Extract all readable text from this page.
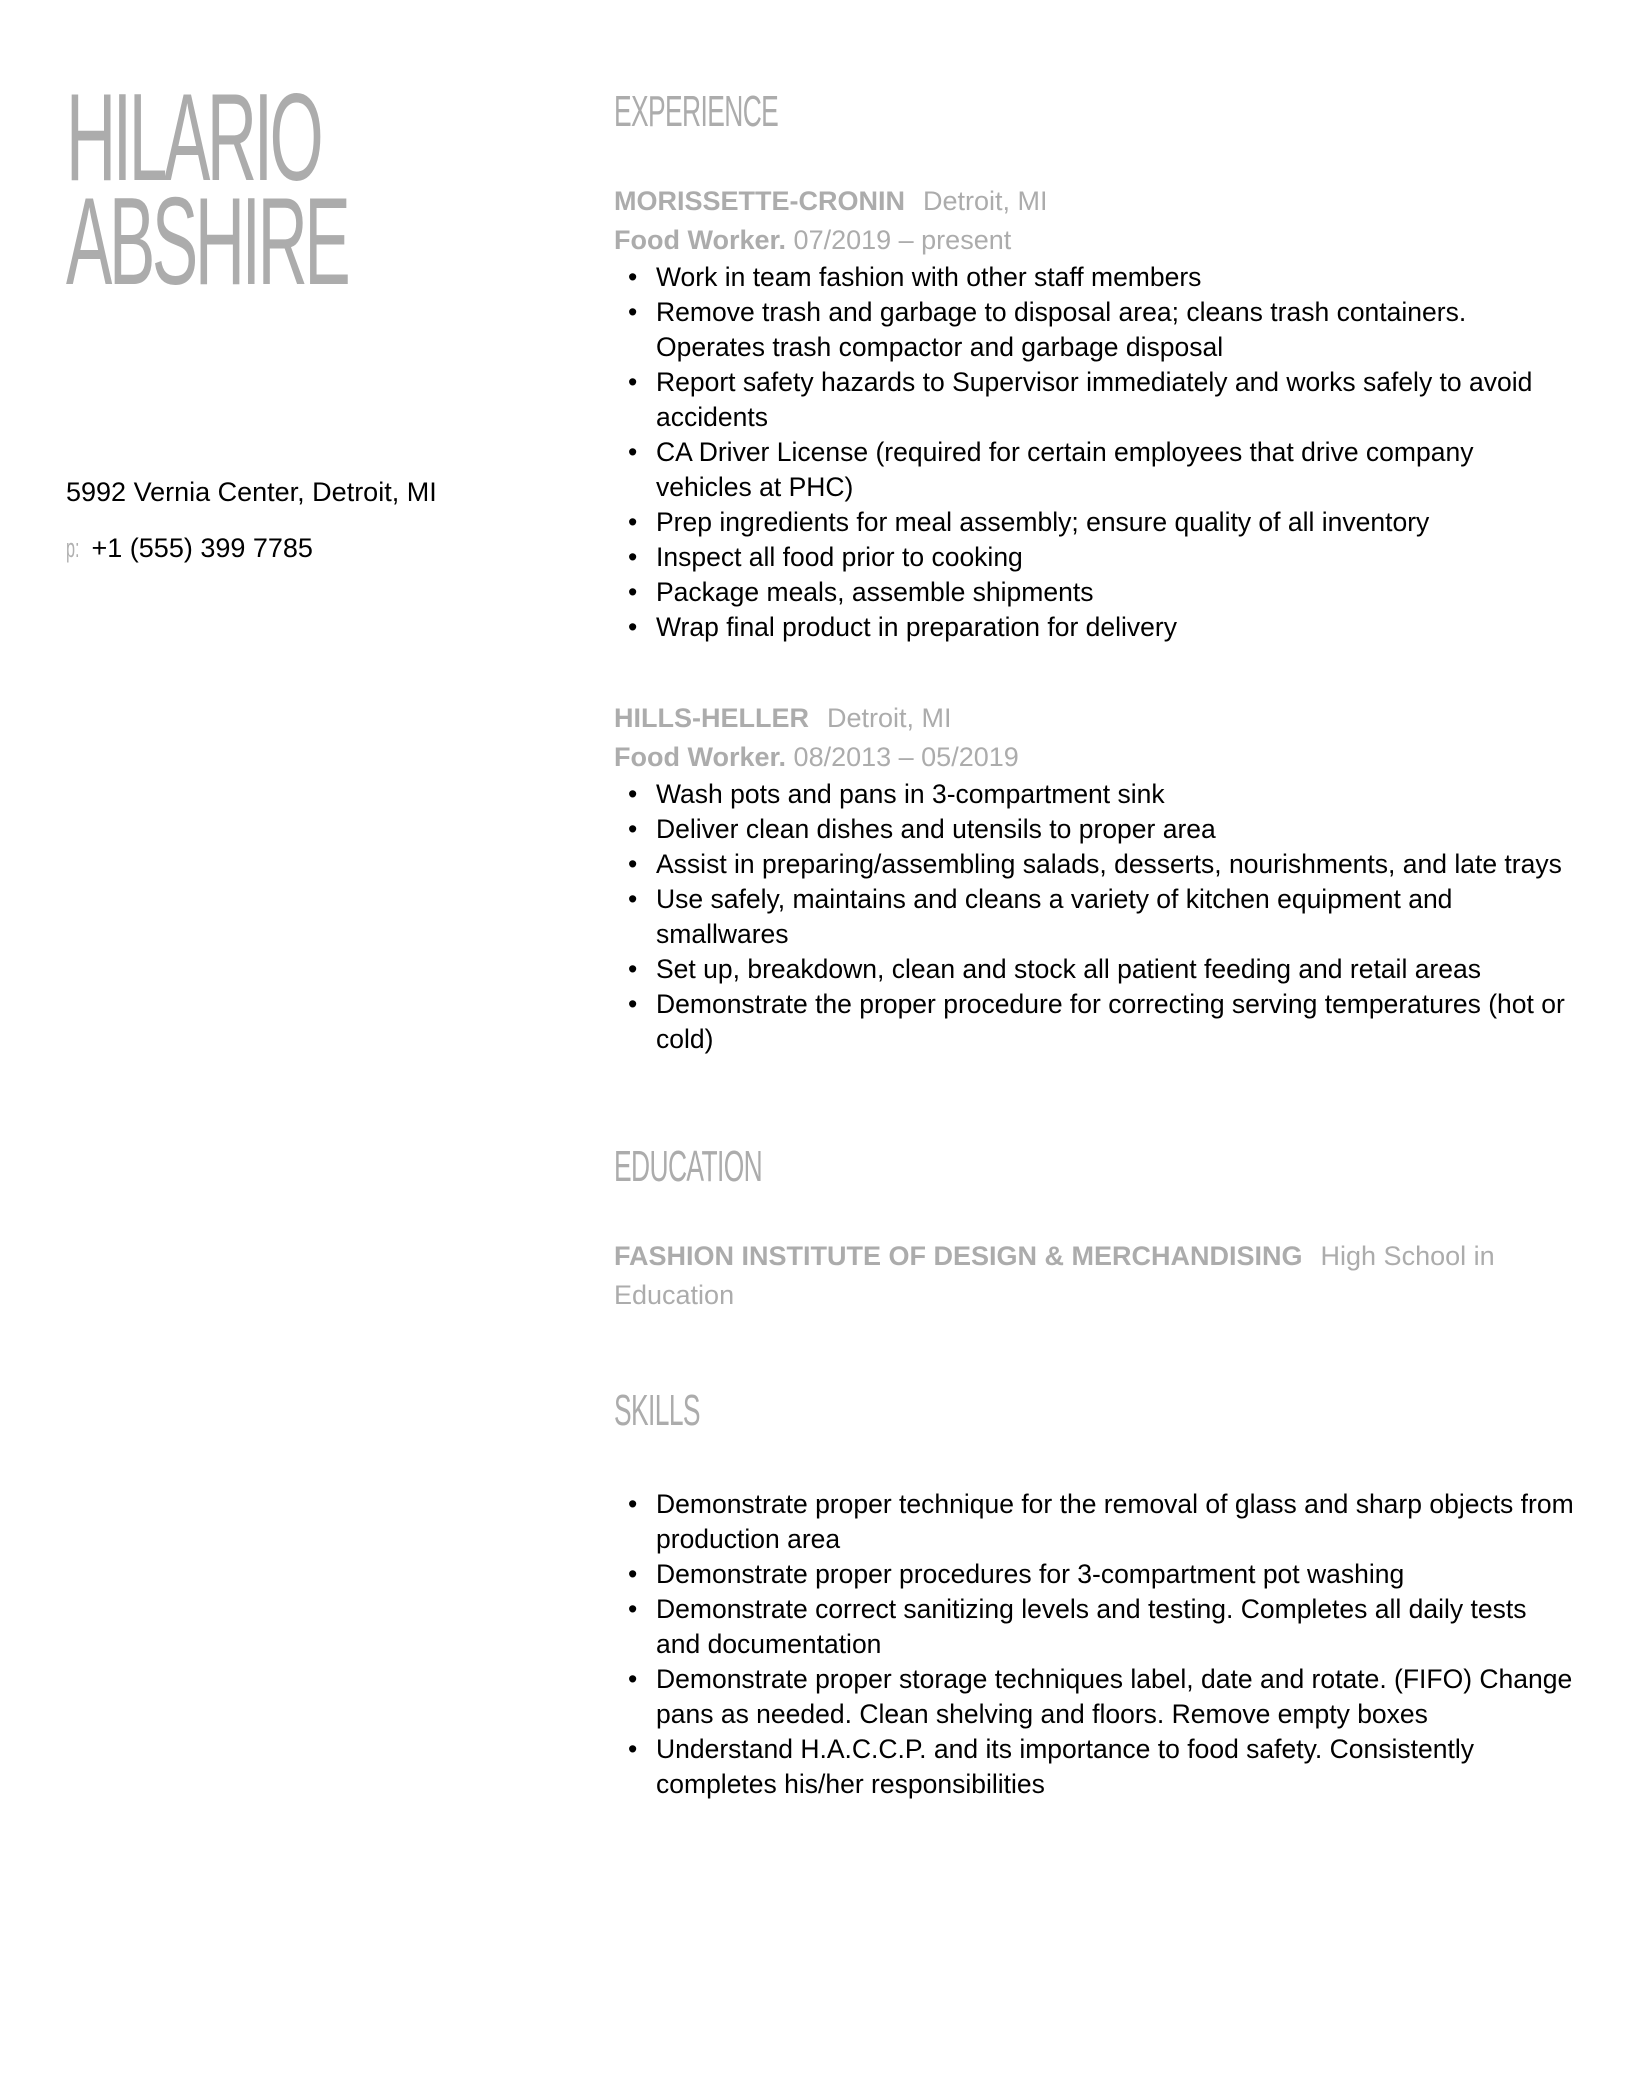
HILARIO
ABSHIRE
5992 Vernia Center, Detroit, MI
p: +1 (555) 399 7785
EXPERIENCE
MORISSETTE-CRONIN Detroit, MI
Food Worker. 07/2019 – present
• Work in team fashion with other staff members
• Remove trash and garbage to disposal area; cleans trash containers. Operates trash compactor and garbage disposal
• Report safety hazards to Supervisor immediately and works safely to avoid accidents
• CA Driver License (required for certain employees that drive company vehicles at PHC)
• Prep ingredients for meal assembly; ensure quality of all inventory
• Inspect all food prior to cooking
• Package meals, assemble shipments
• Wrap final product in preparation for delivery
HILLS-HELLER Detroit, MI
Food Worker. 08/2013 – 05/2019
• Wash pots and pans in 3-compartment sink
• Deliver clean dishes and utensils to proper area
• Assist in preparing/assembling salads, desserts, nourishments, and late trays
• Use safely, maintains and cleans a variety of kitchen equipment and smallwares
• Set up, breakdown, clean and stock all patient feeding and retail areas
• Demonstrate the proper procedure for correcting serving temperatures (hot or cold)
EDUCATION
FASHION INSTITUTE OF DESIGN & MERCHANDISING High School in Education
SKILLS
• Demonstrate proper technique for the removal of glass and sharp objects from production area
• Demonstrate proper procedures for 3-compartment pot washing
• Demonstrate correct sanitizing levels and testing. Completes all daily tests and documentation
• Demonstrate proper storage techniques label, date and rotate. (FIFO) Change pans as needed. Clean shelving and floors. Remove empty boxes
• Understand H.A.C.C.P. and its importance to food safety. Consistently completes his/her responsibilities
